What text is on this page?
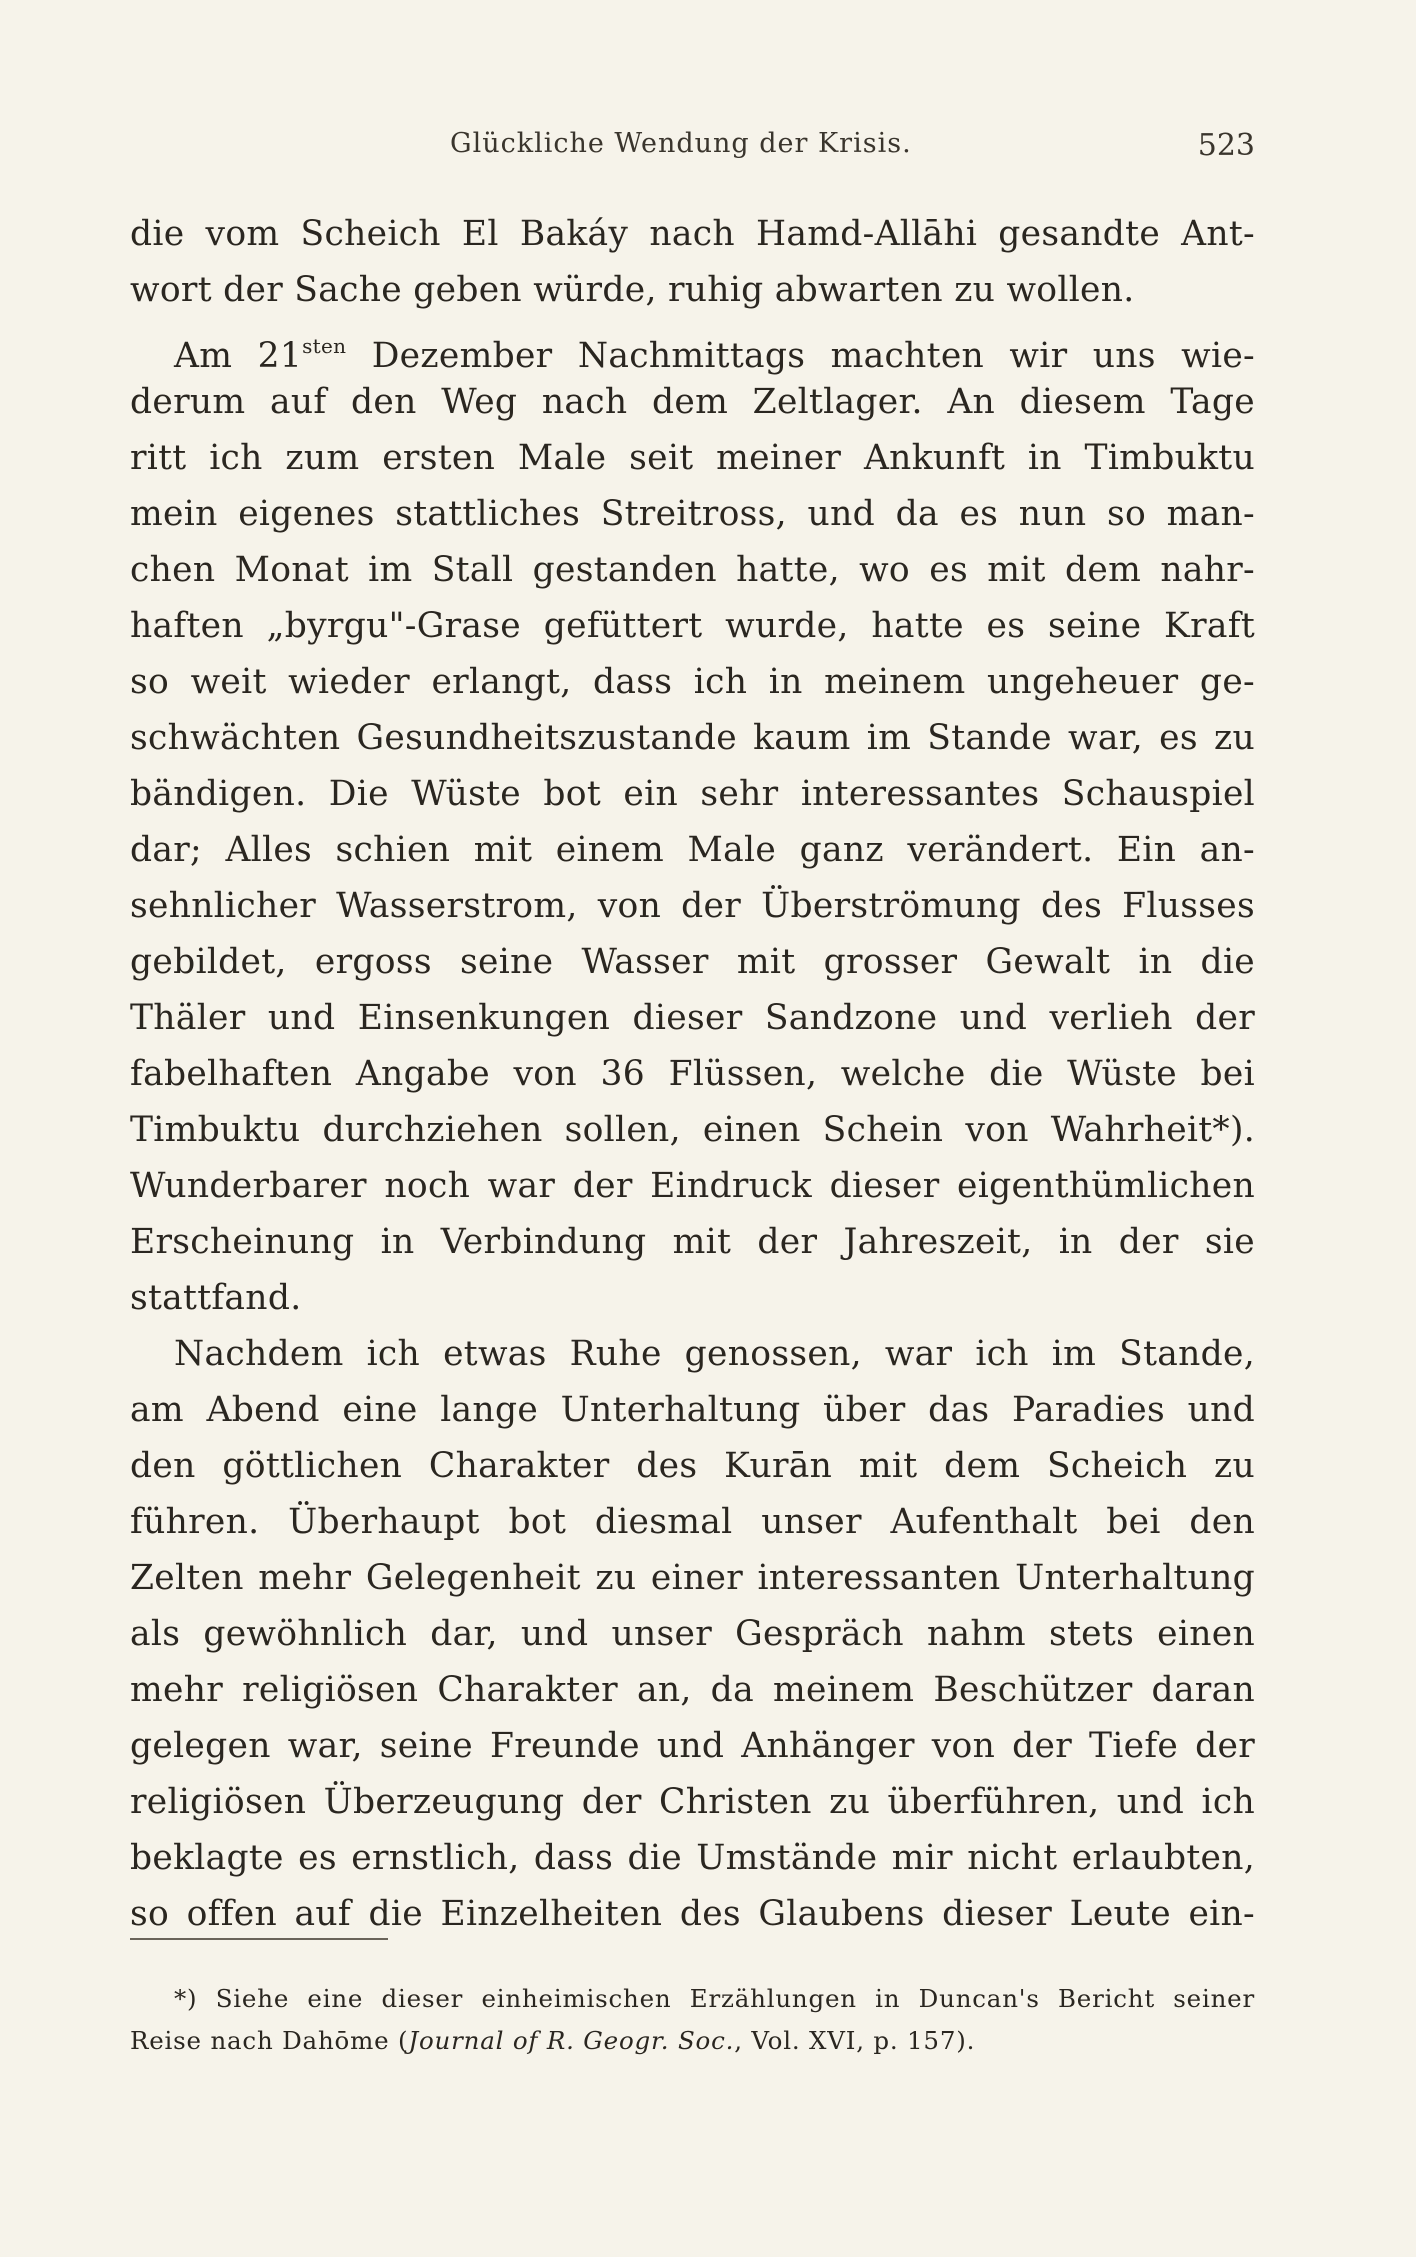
Glückliche Wendung der Krisis.	523
die vom Scheich El Bakáy nach Hamd-Allāhi gesandte Ant-
wort der Sache geben würde, ruhig abwarten zu wollen.
Am $21^{sten}$ Dezember Nachmittags machten wir uns wie-
derum auf den Weg nach dem Zeltlager. An diesem Tage
ritt ich zum ersten Male seit meiner Ankunft in Timbuktu
mein eigenes stattliches Streitross, und da es nun so man-
chen Monat im Stall gestanden hatte, wo es mit dem nahr-
haften „byrgu"-Grase gefüttert wurde, hatte es seine Kraft
so weit wieder erlangt, dass ich in meinem ungeheuer ge-
schwächten Gesundheitszustande kaum im Stande war, es zu
bändigen. Die Wüste bot ein sehr interessantes Schauspiel
dar; Alles schien mit einem Male ganz verändert. Ein an-
sehnlicher Wasserstrom, von der Überströmung des Flusses
gebildet, ergoss seine Wasser mit grosser Gewalt in die
Thäler und Einsenkungen dieser Sandzone und verlieh der
fabelhaften Angabe von 36 Flüssen, welche die Wüste bei
Timbuktu durchziehen sollen, einen Schein von Wahrheit*).
Wunderbarer noch war der Eindruck dieser eigenthümlichen
Erscheinung in Verbindung mit der Jahreszeit, in der sie
stattfand.
Nachdem ich etwas Ruhe genossen, war ich im Stande,
am Abend eine lange Unterhaltung über das Paradies und
den göttlichen Charakter des Kurān mit dem Scheich zu
führen. Überhaupt bot diesmal unser Aufenthalt bei den
Zelten mehr Gelegenheit zu einer interessanten Unterhaltung
als gewöhnlich dar, und unser Gespräch nahm stets einen
mehr religiösen Charakter an, da meinem Beschützer daran
gelegen war, seine Freunde und Anhänger von der Tiefe der
religiösen Überzeugung der Christen zu überführen, und ich
beklagte es ernstlich, dass die Umstände mir nicht erlaubten,
so offen auf die Einzelheiten des Glaubens dieser Leute ein-
*) Siehe eine dieser einheimischen Erzählungen in Duncan's Bericht seiner
Reise nach Dahōme (Journal of R. Geogr. Soc., Vol. XVI, p. 157).
